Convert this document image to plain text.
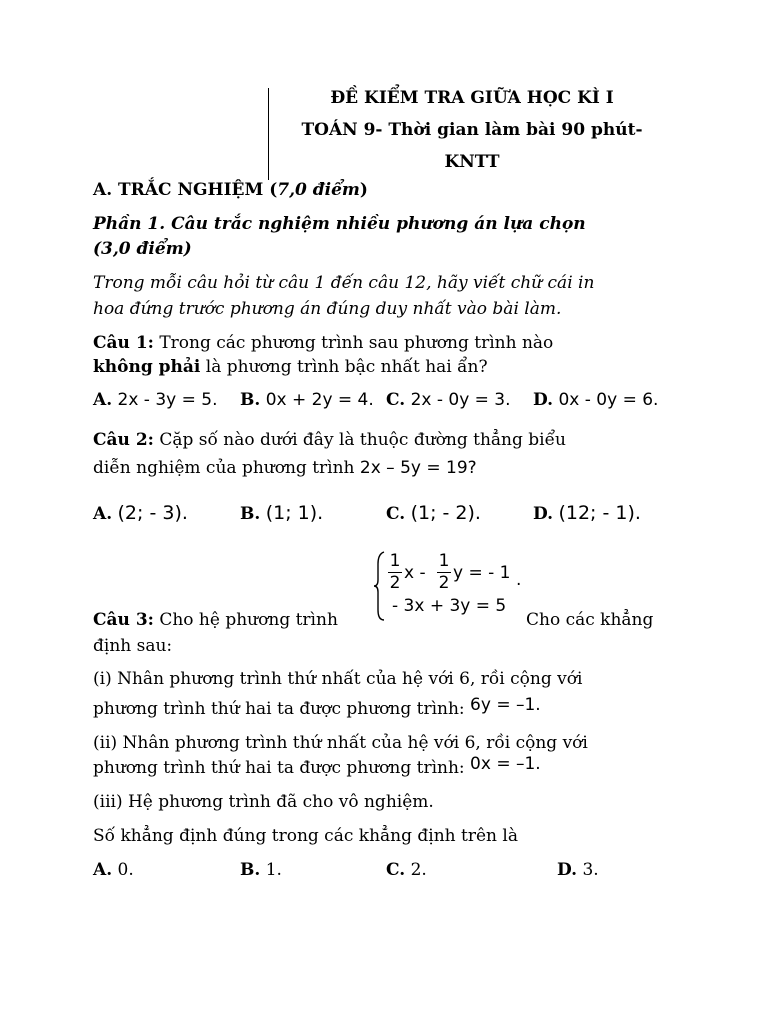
ĐỀ KIỂM TRA GIỮA HỌC KÌ I
TOÁN 9- Thời gian làm bài 90 phút-
KNTT
A. TRẮC NGHIỆM (7,0 điểm)
Phần 1. Câu trắc nghiệm nhiều phương án lựa chọn
(3,0 điểm)
Trong mỗi câu hỏi từ câu 1 đến câu 12, hãy viết chữ cái in
hoa đứng trước phương án đúng duy nhất vào bài làm.
Câu 1: Trong các phương trình sau phương trình nào
không phải là phương trình bậc nhất hai ẩn?
A. 2x - 3y = 5. B. 0x + 2y = 4. C. 2x - 0y = 3. D. 0x - 0y = 6.
Câu 2: Cặp số nào dưới đây là thuộc đường thẳng biểu
diễn nghiệm của phương trình 2x – 5y = 19?
A. (2; - 3).	B. (1; 1).	C. (1; - 2).	D. (12; - 1).
1
2 x -
1
2 y = - 1 .
- 3x + 3y = 5
Câu 3: Cho hệ phương trình	Cho các khẳng
định sau:
(i) Nhân phương trình thứ nhất của hệ với 6, rồi cộng với
phương trình thứ hai ta được phương trình: 6y = –1.
(ii) Nhân phương trình thứ nhất của hệ với 6, rồi cộng với
phương trình thứ hai ta được phương trình: 0x = –1.
(iii) Hệ phương trình đã cho vô nghiệm.
Số khẳng định đúng trong các khẳng định trên là
A. 0.	B. 1.	C. 2.	D. 3.
